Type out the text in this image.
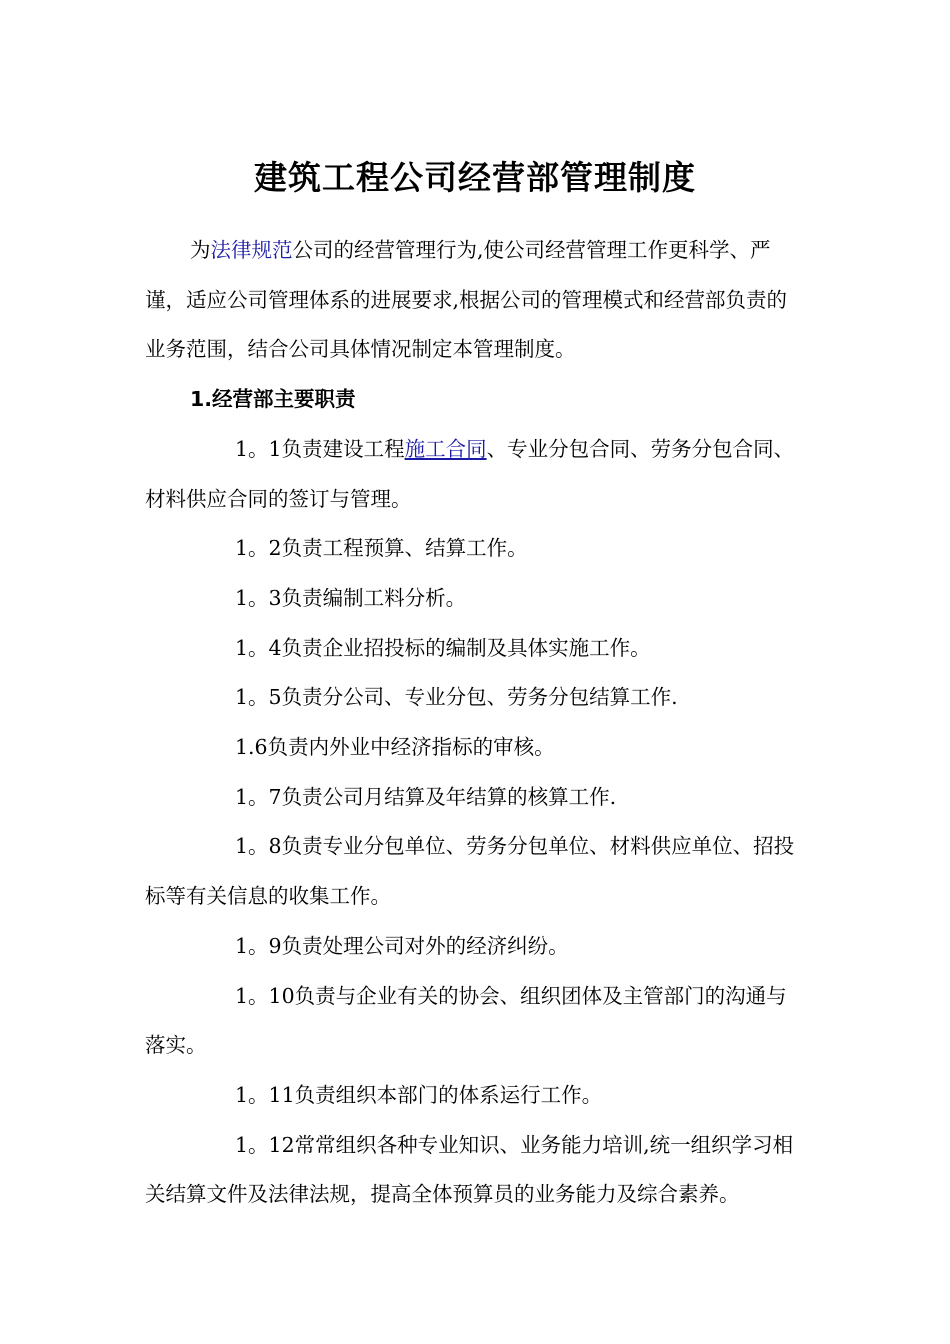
建筑工程公司经营部管理制度

为法律规范公司的经营管理行为,使公司经营管理工作更科学、严谨，适应公司管理体系的进展要求,根据公司的管理模式和经营部负责的业务范围，结合公司具体情况制定本管理制度。

1.经营部主要职责

1。1负责建设工程施工合同、专业分包合同、劳务分包合同、材料供应合同的签订与管理。

1。2负责工程预算、结算工作。

1。3负责编制工料分析。

1。4负责企业招投标的编制及具体实施工作。

1。5负责分公司、专业分包、劳务分包结算工作.

1.6负责内外业中经济指标的审核。

1。7负责公司月结算及年结算的核算工作.

1。8负责专业分包单位、劳务分包单位、材料供应单位、招投标等有关信息的收集工作。

1。9负责处理公司对外的经济纠纷。

1。10负责与企业有关的协会、组织团体及主管部门的沟通与落实。

1。11负责组织本部门的体系运行工作。

1。12常常组织各种专业知识、业务能力培训,统一组织学习相关结算文件及法律法规，提高全体预算员的业务能力及综合素养。
